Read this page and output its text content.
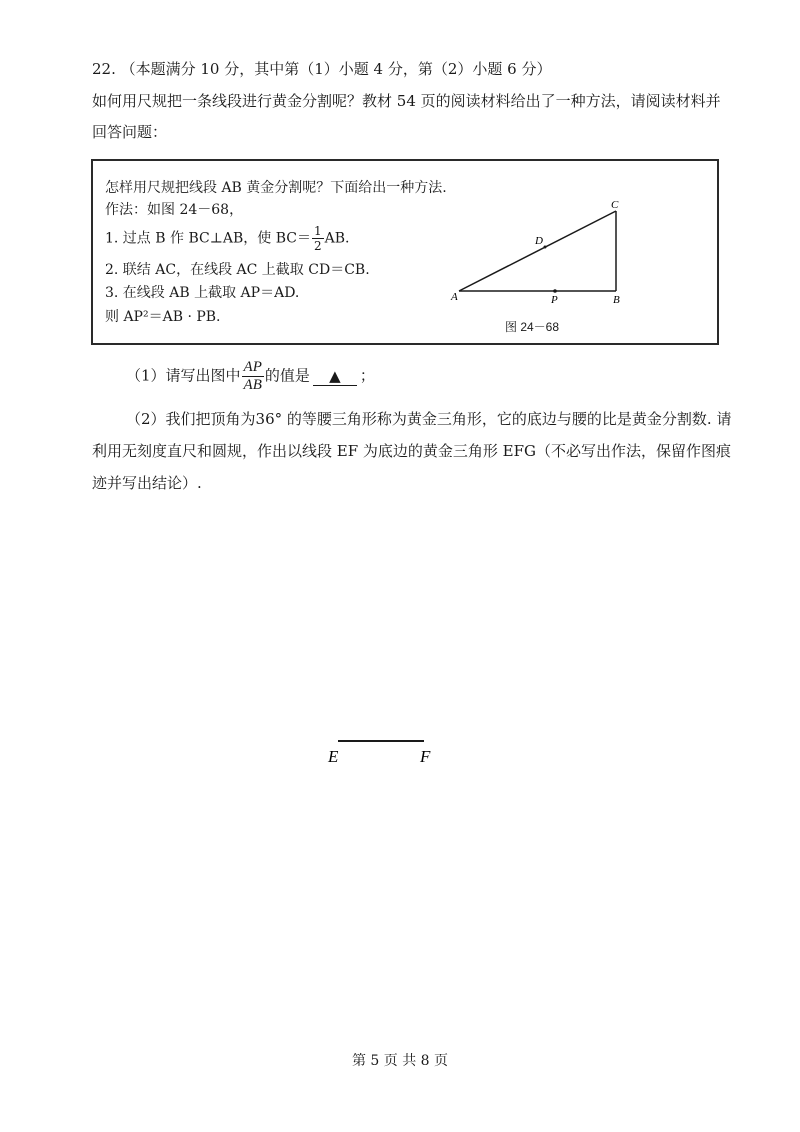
22. （本题满分 10 分，其中第（1）小题 4 分，第（2）小题 6 分）
如何用尺规把一条线段进行黄金分割呢？教材 54 页的阅读材料给出了一种方法，请阅读材料并
回答问题：
怎样用尺规把线段 AB 黄金分割呢？下面给出一种方法.
作法：如图 24－68，
1. 过点 B 作 BC⊥AB，使 $BC= \frac{1}{2}$ AB.
2. 联结 AC，在线段 AC 上截取 CD＝CB.
3. 在线段 AB 上截取 AP＝AD.
则 AP²＝AB · PB.
A	B
C
D
P
图 24－68
（1）请写出图中 $\frac{AP}{AB}$ 的值是 ▲ ；
（2）我们把顶角为36° 的等腰三角形称为黄金三角形，它的底边与腰的比是黄金分割数. 请
利用无刻度直尺和圆规，作出以线段 EF 为底边的黄金三角形 EFG（不必写出作法，保留作图痕
迹并写出结论）.
E	F
第 5 页 共 8 页
